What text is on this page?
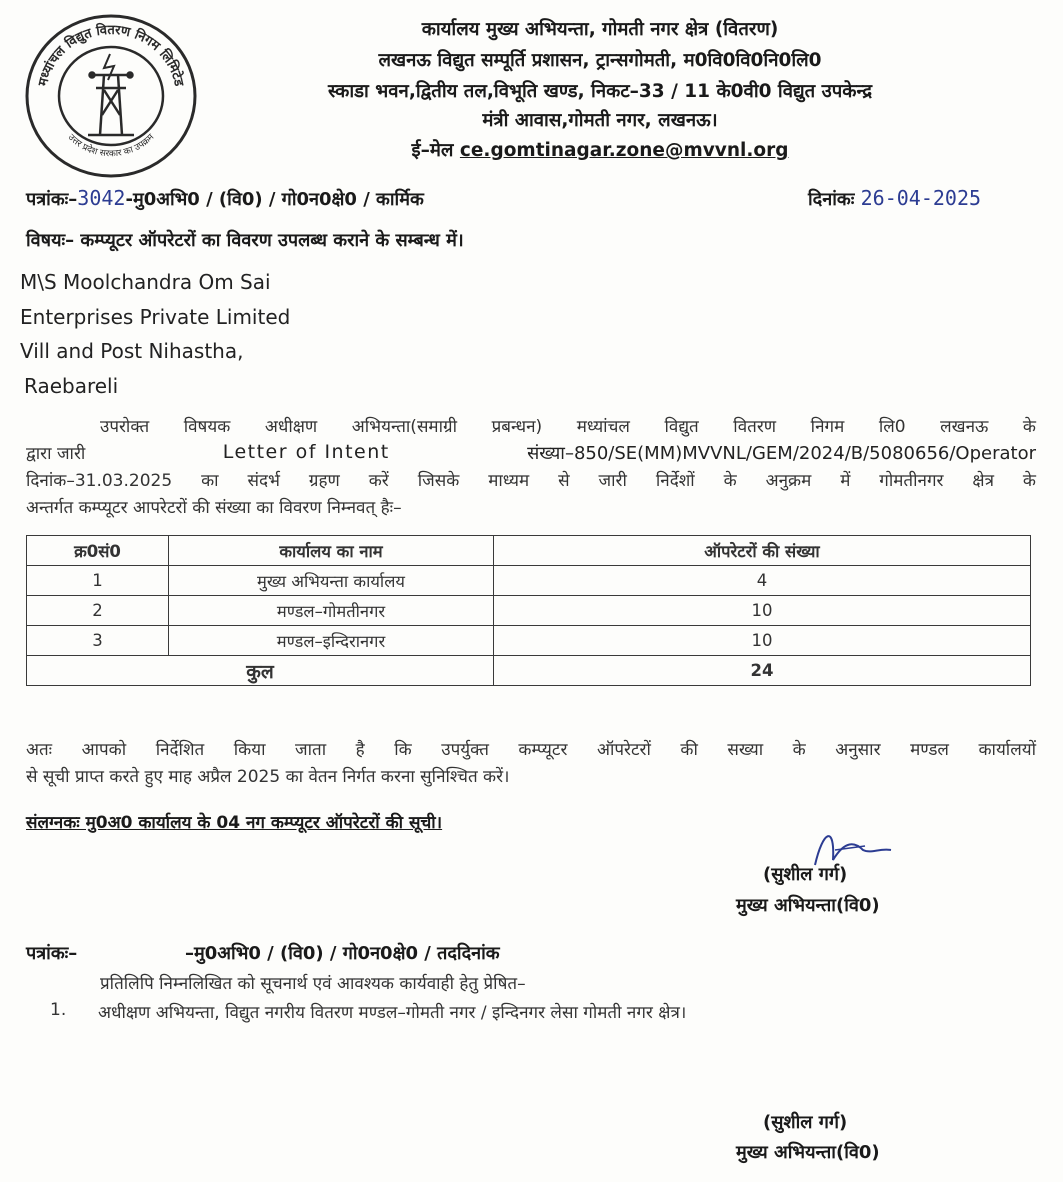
मध्यांचल विद्युत वितरण निगम लिमिटेड
उत्तर प्रदेश सरकार का उपक्रम
कार्यालय मुख्य अभियन्ता, गोमती नगर क्षेत्र (वितरण)
लखनऊ विद्युत सम्पूर्ति प्रशासन, ट्रान्सगोमती, म0वि0वि0नि0लि0
स्काडा भवन,द्वितीय तल,विभूति खण्ड, निकट–33 / 11 के0वी0 विद्युत उपकेन्द्र
मंत्री आवास,गोमती नगर, लखनऊ।
ई–मेल ce.gomtinagar.zone@mvvnl.org
पत्रांकः–3042-मु0अभि0 / (वि0) / गो0न0क्षे0 / कार्मिक	दिनांकः 26-04-2025
विषयः– कम्प्यूटर ऑपरेटरों का विवरण उपलब्ध कराने के सम्बन्ध में।
M\S Moolchandra Om Sai
Enterprises Private Limited
Vill and Post Nihastha,
Raebareli
उपरोक्त विषयक अधीक्षण अभियन्ता(समाग्री प्रबन्धन) मध्यांचल विद्युत वितरण निगम लि0 लखनऊ के
द्वारा जारी	Letter of Intent	संख्या–850/SE(MM)MVVNL/GEM/2024/B/5080656/Operator
दिनांक–31.03.2025 का संदर्भ ग्रहण करें जिसके माध्यम से जारी निर्देशों के अनुक्रम में गोमतीनगर क्षेत्र के
अन्तर्गत कम्प्यूटर आपरेटरों की संख्या का विवरण निम्नवत् हैः–
क्र0सं0	कार्यालय का नाम	ऑपरेटरों की संख्या
1	मुख्य अभियन्ता कार्यालय	4
2	मण्डल–गोमतीनगर	10
3	मण्डल–इन्दिरानगर	10
कुल		24
अतः आपको निर्देशित किया जाता है कि उपर्युक्त कम्प्यूटर ऑपरेटरों की सख्या के अनुसार मण्डल कार्यालयों
से सूची प्राप्त करते हुए माह अप्रैल 2025 का वेतन निर्गत करना सुनिश्चित करें।
संलग्नकः मु0अ0 कार्यालय के 04 नग कम्प्यूटर ऑपरेटरों की सूची।
(सुशील गर्ग)
मुख्य अभियन्ता(वि0)
पत्रांकः–	–मु0अभि0 / (वि0) / गो0न0क्षे0 / तददिनांक
प्रतिलिपि निम्नलिखित को सूचनार्थ एवं आवश्यक कार्यवाही हेतु प्रेषित–
1. अधीक्षण अभियन्ता, विद्युत नगरीय वितरण मण्डल–गोमती नगर / इन्दिनगर लेसा गोमती नगर क्षेत्र।
(सुशील गर्ग)
मुख्य अभियन्ता(वि0)
